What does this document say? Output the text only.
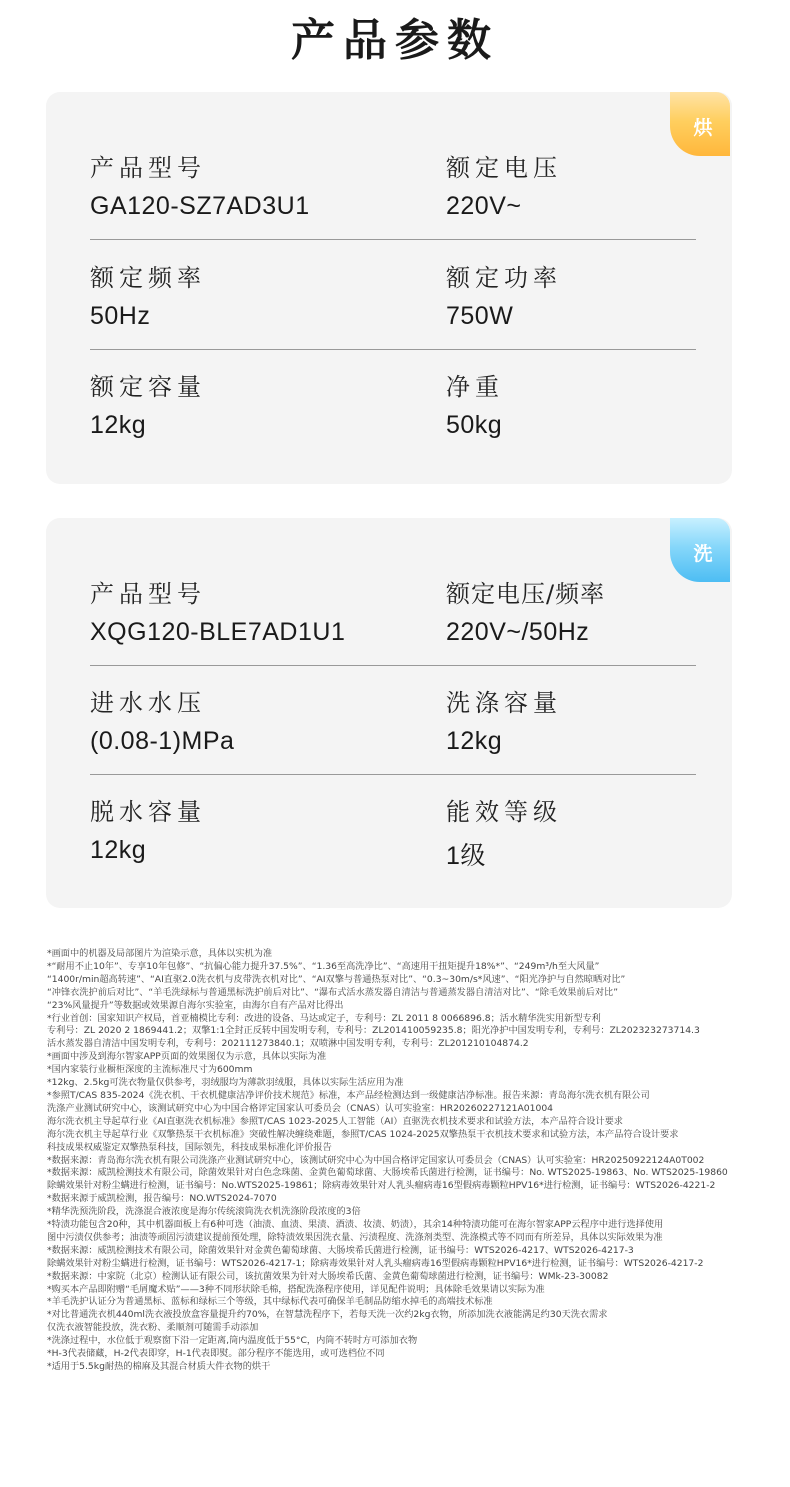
产品参数
烘
产品型号
GA120-SZ7AD3U1
额定电压
220V~
额定频率
50Hz
额定功率
750W
额定容量
12kg
净重
50kg
洗
产品型号
XQG120-BLE7AD1U1
额定电压/频率
220V~/50Hz
进水水压
(0.08-1)MPa
洗涤容量
12kg
脱水容量
12kg
能效等级
1级
*画面中的机器及局部图片为渲染示意，具体以实机为准
*“耐用不止10年”、专享10年包修”、“抗偏心能力提升37.5%”、“1.36至高洗净比”、“高速用干扭矩提升18%*”、“249m³/h至大风量”
“1400r/min超高转速”、“AI直驱2.0洗衣机与皮带洗衣机对比”、“AI双擎与普通热泵对比”、“0.3~30m/s*风速”、“阳光净护与自然晾晒对比”
“冲锋衣洗护前后对比”、“羊毛洗绿标与普通黑标洗护前后对比”、“瀑布式活水蒸发器自清洁与普通蒸发器自清洁对比”、“除毛效果前后对比”
“23%风量提升”等数据或效果源自海尔实验室，由海尔自有产品对比得出
*行业首创：国家知识产权局，首亚楠模比专利：改进的设备、马达或定子，专利号：ZL 2011 8 0066896.8；活水精华洗实用新型专利
专利号：ZL 2020 2 1869441.2；双擎1:1全封正反转中国发明专利，专利号：ZL201410059235.8；阳光净护中国发明专利，专利号：ZL202323273714.3
活水蒸发器自清洁中国发明专利，专利号：202111273840.1；双喷淋中国发明专利，专利号：ZL201210104874.2
*画面中涉及到海尔智家APP页面的效果图仅为示意，具体以实际为准
*国内家装行业橱柜深度的主流标准尺寸为600mm
*12kg、2.5kg可洗衣物量仅供参考，羽绒服均为薄款羽绒服，具体以实际生活应用为准
*参照T/CAS 835-2024《洗衣机、干衣机健康洁净评价技术规范》标准，本产品经检测达到一级健康洁净标准。报告来源：青岛海尔洗衣机有限公司
洗涤产业测试研究中心，该测试研究中心为中国合格评定国家认可委员会（CNAS）认可实验室：HR20260227121A01004
海尔洗衣机主导起草行业《AI直驱洗衣机标准》参照T/CAS 1023-2025人工智能（AI）直驱洗衣机技术要求和试验方法，本产品符合设计要求
海尔洗衣机主导起草行业《双擎热泵干衣机标准》突破性解决缠绕难题，参照T/CAS 1024-2025双擎热泵干衣机技术要求和试验方法，本产品符合设计要求
科技成果权威鉴定双擎热泵科技，国际领先，科技成果标准化评价报告
*数据来源：青岛海尔洗衣机有限公司洗涤产业测试研究中心，该测试研究中心为中国合格评定国家认可委员会（CNAS）认可实验室：HR20250922124A0T002
*数据来源：威凯检测技术有限公司，除菌效果针对白色念珠菌、金黄色葡萄球菌、大肠埃希氏菌进行检测，证书编号：No. WTS2025-19863、No. WTS2025-19860
除螨效果针对粉尘螨进行检测，证书编号：No.WTS2025-19861；除病毒效果针对人乳头瘤病毒16型假病毒颗粒HPV16*进行检测，证书编号：WTS2026-4221-2
*数据来源于威凯检测，报告编号：NO.WTS2024-7070
*精华洗预洗阶段，洗涤混合液浓度是海尔传统滚筒洗衣机洗涤阶段浓度的3倍
*特渍功能包含20种，其中机器面板上有6种可选（油渍、血渍、果渍、酒渍、妆渍、奶渍），其余14种特渍功能可在海尔智家APP云程序中进行选择使用
图中污渍仅供参考；油渍等顽固污渍建议提前预处理，除特渍效果因洗衣量、污渍程度、洗涤剂类型、洗涤模式等不同而有所差异，具体以实际效果为准
*数据来源：威凯检测技术有限公司，除菌效果针对金黄色葡萄球菌、大肠埃希氏菌进行检测，证书编号：WTS2026-4217、WTS2026-4217-3
除螨效果针对粉尘螨进行检测，证书编号：WTS2026-4217-1；除病毒效果针对人乳头瘤病毒16型假病毒颗粒HPV16*进行检测，证书编号：WTS2026-4217-2
*数据来源：中家院（北京）检测认证有限公司，该抗菌效果为针对大肠埃希氏菌、金黄色葡萄球菌进行检测，证书编号：WMk-23-30082
*购买本产品即附赠“毛屑魔术贴”——3种不同形状除毛棉，搭配洗涤程序使用，详见配件说明；具体除毛效果请以实际为准
*羊毛洗护认证分为普通黑标、蓝标和绿标三个等级，其中绿标代表可确保羊毛制品防缩水掉毛的高端技术标准
*对比普通洗衣机440ml洗衣液投放盒容量提升约70%，在智慧洗程序下，若每天洗一次约2kg衣物，所添加洗衣液能满足约30天洗衣需求
仅洗衣液智能投放，洗衣粉、柔顺剂可随需手动添加
*洗涤过程中，水位低于观察窗下沿一定距离,筒内温度低于55°C，内筒不转时方可添加衣物
*H-3代表储藏，H-2代表即穿，H-1代表即熨。部分程序不能选用，或可选档位不同
*适用于5.5kg耐热的棉麻及其混合材质大件衣物的烘干
